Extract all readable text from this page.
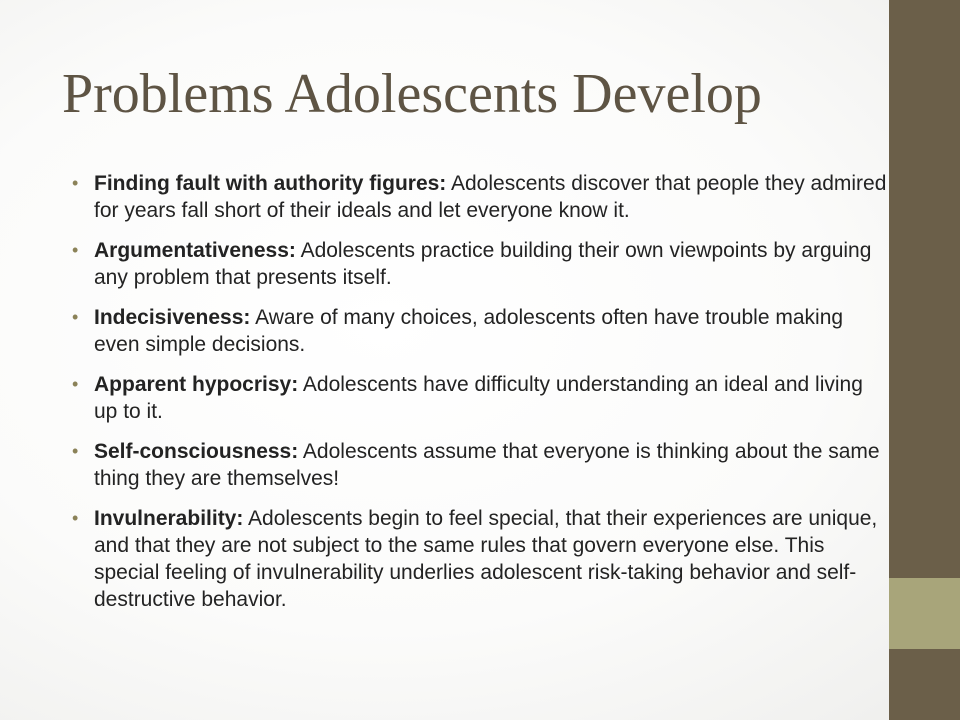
Problems Adolescents Develop
• Finding fault with authority figures: Adolescents discover that people they admired for years fall short of their ideals and let everyone know it.
• Argumentativeness: Adolescents practice building their own viewpoints by arguing any problem that presents itself.
• Indecisiveness: Aware of many choices, adolescents often have trouble making even simple decisions.
• Apparent hypocrisy: Adolescents have difficulty understanding an ideal and living up to it.
• Self-consciousness: Adolescents assume that everyone is thinking about the same thing they are themselves!
• Invulnerability: Adolescents begin to feel special, that their experiences are unique, and that they are not subject to the same rules that govern everyone else. This special feeling of invulnerability underlies adolescent risk-taking behavior and self-destructive behavior.
